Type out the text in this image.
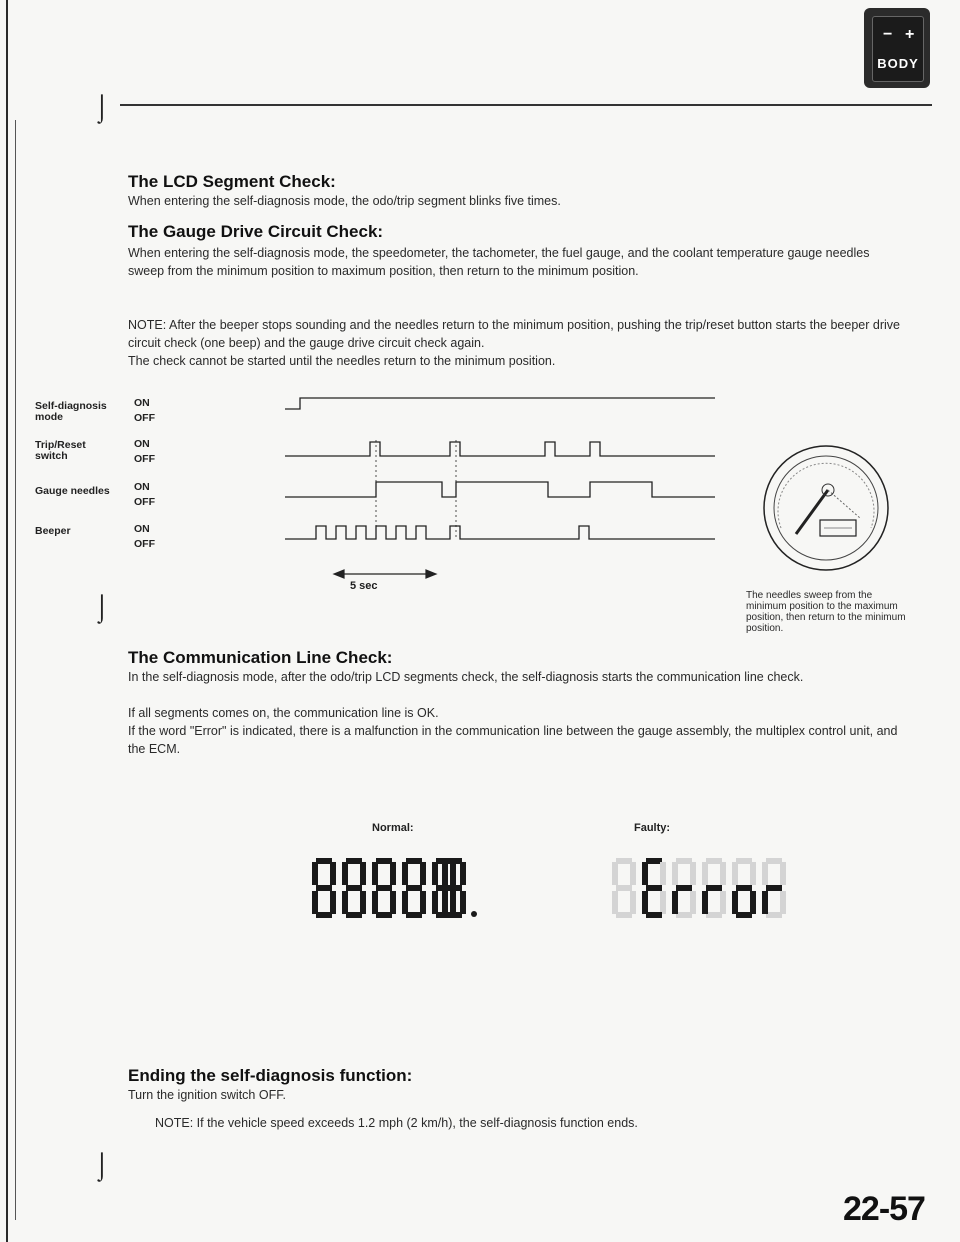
⌡
⌡
⌡
− +
BODY
The LCD Segment Check:

When entering the self-diagnosis mode, the odo/trip segment blinks five times.

The Gauge Drive Circuit Check:

When entering the self-diagnosis mode, the speedometer, the tachometer, the fuel gauge, and the coolant temperature gauge needles sweep from the minimum position to maximum position, then return to the minimum position.

NOTE: After the beeper stops sounding and the needles return to the minimum position, pushing the trip/reset button starts the beeper drive circuit check (one beep) and the gauge drive circuit check again.

The check cannot be started until the needles return to the minimum position.

Self-diagnosis mode
Trip/Reset switch
Gauge needles
Beeper
ON
OFF
ON
OFF
ON
OFF
ON
OFF
5 sec

The needles sweep from the minimum position to the maximum position, then return to the minimum position.

The Communication Line Check:

In the self-diagnosis mode, after the odo/trip LCD segments check, the self-diagnosis starts the communication line check.

If all segments comes on, the communication line is OK.

If the word "Error" is indicated, there is a malfunction in the communication line between the gauge assembly, the multiplex control unit, and the ECM.

Normal:	Faulty:
Ending the self-diagnosis function:

Turn the ignition switch OFF.

NOTE: If the vehicle speed exceeds 1.2 mph (2 km/h), the self-diagnosis function ends.

22-57
